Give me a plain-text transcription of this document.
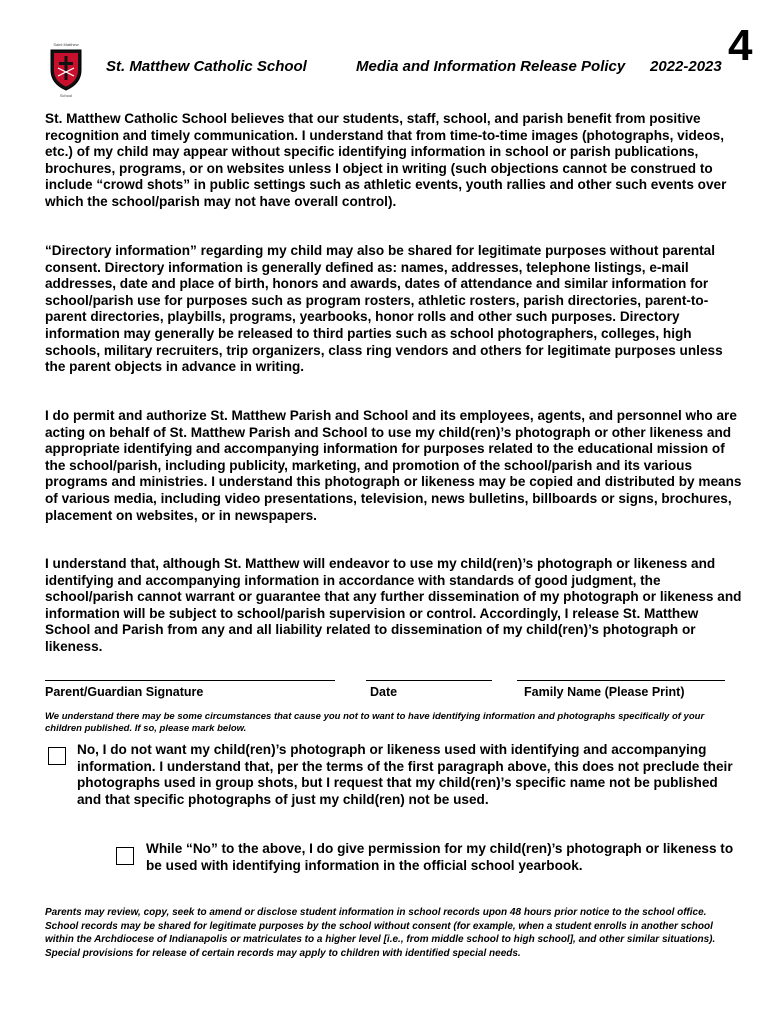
Saint Matthew
School
St. Matthew Catholic School	Media and Information Release Policy 2022-2023 4

St. Matthew Catholic School believes that our students, staff, school, and parish benefit from positive recognition and timely communication. I understand that from time-to-time images (photographs, videos, etc.) of my child may appear without specific identifying information in school or parish publications, brochures, programs, or on websites unless I object in writing (such objections cannot be construed to include “crowd shots” in public settings such as athletic events, youth rallies and other such events over which the school/parish may not have overall control).

“Directory information” regarding my child may also be shared for legitimate purposes without parental consent. Directory information is generally defined as: names, addresses, telephone listings, e-mail addresses, date and place of birth, honors and awards, dates of attendance and similar information for school/parish use for purposes such as program rosters, athletic rosters, parish directories, parent-to-parent directories, playbills, programs, yearbooks, honor rolls and other such purposes. Directory information may generally be released to third parties such as school photographers, colleges, high schools, military recruiters, trip organizers, class ring vendors and others for legitimate purposes unless the parent objects in advance in writing.

I do permit and authorize St. Matthew Parish and School and its employees, agents, and personnel who are acting on behalf of St. Matthew Parish and School to use my child(ren)’s photograph or other likeness and appropriate identifying and accompanying information for purposes related to the educational mission of the school/parish, including publicity, marketing, and promotion of the school/parish and its various programs and ministries. I understand this photograph or likeness may be copied and distributed by means of various media, including video presentations, television, news bulletins, billboards or signs, brochures, placement on websites, or in newspapers.

I understand that, although St. Matthew will endeavor to use my child(ren)’s photograph or likeness and identifying and accompanying information in accordance with standards of good judgment, the school/parish cannot warrant or guarantee that any further dissemination of my photograph or likeness and information will be subject to school/parish supervision or control. Accordingly, I release St. Matthew School and Parish from any and all liability related to dissemination of my child(ren)’s photograph or likeness.

Parent/Guardian Signature	Date	Family Name (Please Print)

We understand there may be some circumstances that cause you not to want to have identifying information and photographs specifically of your children published. If so, please mark below.

No, I do not want my child(ren)’s photograph or likeness used with identifying and accompanying information. I understand that, per the terms of the first paragraph above, this does not preclude their photographs used in group shots, but I request that my child(ren)’s specific name not be published and that specific photographs of just my child(ren) not be used.

While “No” to the above, I do give permission for my child(ren)’s photograph or likeness to be used with identifying information in the official school yearbook.

Parents may review, copy, seek to amend or disclose student information in school records upon 48 hours prior notice to the school office. School records may be shared for legitimate purposes by the school without consent (for example, when a student enrolls in another school within the Archdiocese of Indianapolis or matriculates to a higher level [i.e., from middle school to high school], and other similar situations). Special provisions for release of certain records may apply to children with identified special needs.
